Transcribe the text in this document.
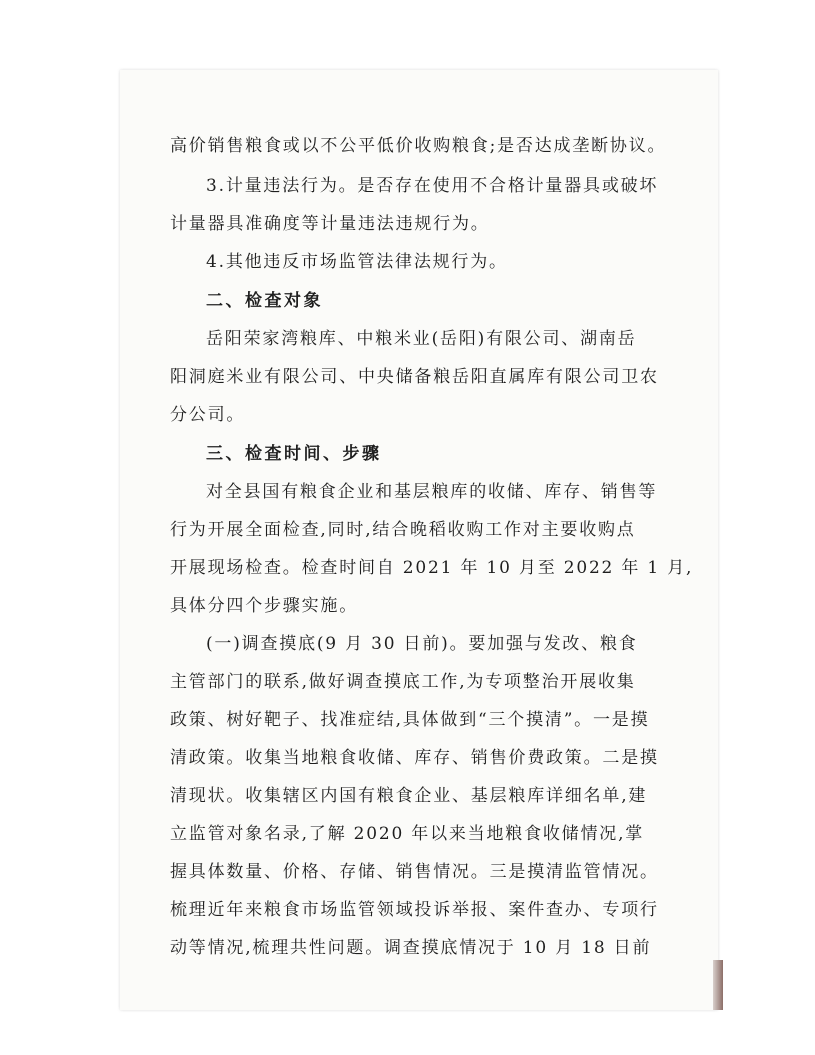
高价销售粮食或以不公平低价收购粮食;是否达成垄断协议。
3.计量违法行为。是否存在使用不合格计量器具或破坏
计量器具准确度等计量违法违规行为。
4.其他违反市场监管法律法规行为。
二、检查对象
岳阳荣家湾粮库、中粮米业(岳阳)有限公司、湖南岳
阳洞庭米业有限公司、中央储备粮岳阳直属库有限公司卫农
分公司。
三、检查时间、步骤
对全县国有粮食企业和基层粮库的收储、库存、销售等
行为开展全面检查,同时,结合晚稻收购工作对主要收购点
开展现场检查。检查时间自 2021 年 10 月至 2022 年 1 月,
具体分四个步骤实施。
(一)调查摸底(9 月 30 日前)。要加强与发改、粮食
主管部门的联系,做好调查摸底工作,为专项整治开展收集
政策、树好靶子、找准症结,具体做到“三个摸清”。一是摸
清政策。收集当地粮食收储、库存、销售价费政策。二是摸
清现状。收集辖区内国有粮食企业、基层粮库详细名单,建
立监管对象名录,了解 2020 年以来当地粮食收储情况,掌
握具体数量、价格、存储、销售情况。三是摸清监管情况。
梳理近年来粮食市场监管领域投诉举报、案件查办、专项行
动等情况,梳理共性问题。调查摸底情况于 10 月 18 日前
